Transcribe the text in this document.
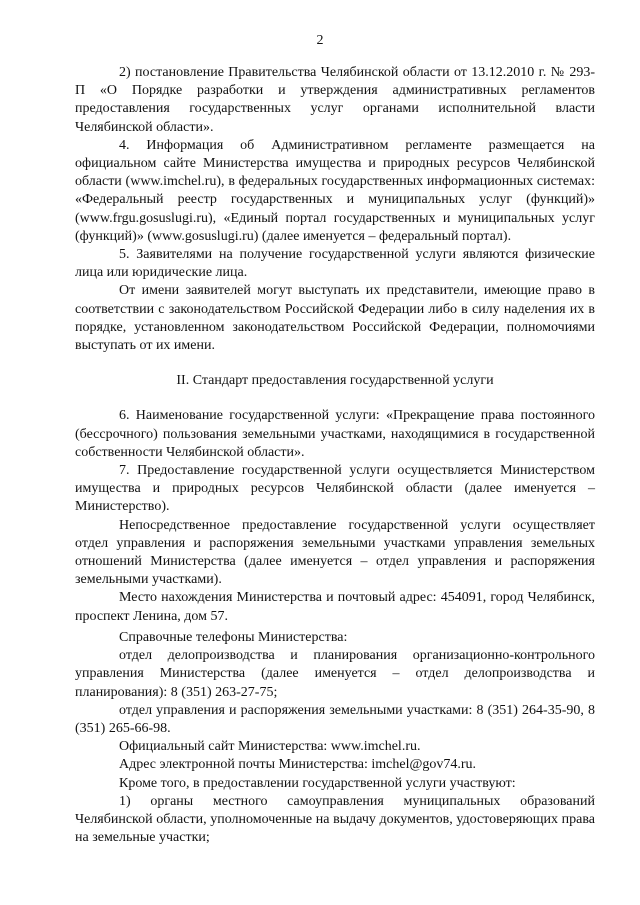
2

2) постановление Правительства Челябинской области от 13.12.2010 г. № 293-П «О Порядке разработки и утверждения административных регламентов предоставления государственных услуг органами исполнительной власти Челябинской области».

4. Информация об Административном регламенте размещается на официальном сайте Министерства имущества и природных ресурсов Челябинской области (www.imchel.ru), в федеральных государственных информационных системах: «Федеральный реестр государственных и муниципальных услуг (функций)» (www.frgu.gosuslugi.ru), «Единый портал государственных и муниципальных услуг (функций)» (www.gosuslugi.ru) (далее именуется – федеральный портал).

5. Заявителями на получение государственной услуги являются физические лица или юридические лица.

От имени заявителей могут выступать их представители, имеющие право в соответствии с законодательством Российской Федерации либо в силу наделения их в порядке, установленном законодательством Российской Федерации, полномочиями выступать от их имени.

II. Стандарт предоставления государственной услуги

6. Наименование государственной услуги: «Прекращение права постоянного (бессрочного) пользования земельными участками, находящимися в государственной собственности Челябинской области».

7. Предоставление государственной услуги осуществляется Министерством имущества и природных ресурсов Челябинской области (далее именуется – Министерство).

Непосредственное предоставление государственной услуги осуществляет отдел управления и распоряжения земельными участками управления земельных отношений Министерства (далее именуется – отдел управления и распоряжения земельными участками).

Место нахождения Министерства и почтовый адрес: 454091, город Челябинск, проспект Ленина, дом 57.

Справочные телефоны Министерства:

отдел делопроизводства и планирования организационно-контрольного управления Министерства (далее именуется – отдел делопроизводства и планирования): 8 (351) 263-27-75;

отдел управления и распоряжения земельными участками: 8 (351) 264-35-90, 8 (351) 265-66-98.

Официальный сайт Министерства: www.imchel.ru.

Адрес электронной почты Министерства: imchel@gov74.ru.

Кроме того, в предоставлении государственной услуги участвуют:

1) органы местного самоуправления муниципальных образований Челябинской области, уполномоченные на выдачу документов, удостоверяющих права на земельные участки;
